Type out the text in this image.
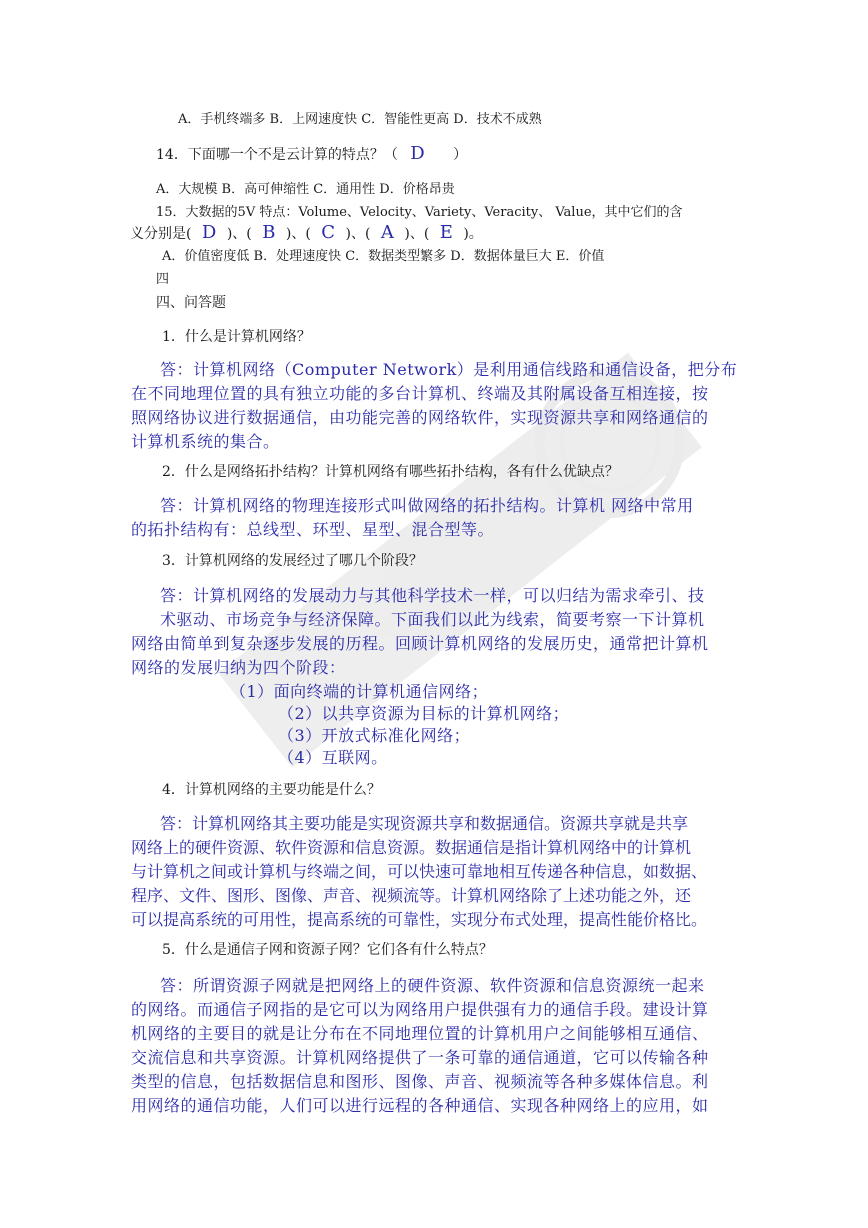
A．手机终端多 B．上网速度快 C．智能性更高 D．技术不成熟
14．下面哪一个不是云计算的特点？（ D ）
A．大规模 B．高可伸缩性 C．通用性 D．价格昂贵
15．大数据的5V 特点：Volume、Velocity、Variety、Veracity、 Value，其中它们的含
义分别是( D )、( B )、( C )、( A )、( E )。
A．价值密度低 B．处理速度快 C．数据类型繁多 D．数据体量巨大 E．价值
四
四、问答题
1．什么是计算机网络？
答：计算机网络（Computer Network）是利用通信线路和通信设备，把分布
在不同地理位置的具有独立功能的多台计算机、终端及其附属设备互相连接，按
照网络协议进行数据通信，由功能完善的网络软件，实现资源共享和网络通信的
计算机系统的集合。
2．什么是网络拓扑结构？计算机网络有哪些拓扑结构，各有什么优缺点？
答：计算机网络的物理连接形式叫做网络的拓扑结构。计算机 网络中常用
的拓扑结构有：总线型、环型、星型、混合型等。
3．计算机网络的发展经过了哪几个阶段？
答：计算机网络的发展动力与其他科学技术一样，可以归结为需求牵引、技
术驱动、市场竞争与经济保障。下面我们以此为线索，简要考察一下计算机
网络由简单到复杂逐步发展的历程。回顾计算机网络的发展历史，通常把计算机
网络的发展归纳为四个阶段：
（1）面向终端的计算机通信网络；
（2）以共享资源为目标的计算机网络；
（3）开放式标准化网络；
（4）互联网。
4．计算机网络的主要功能是什么？
答：计算机网络其主要功能是实现资源共享和数据通信。资源共享就是共享
网络上的硬件资源、软件资源和信息资源。数据通信是指计算机网络中的计算机
与计算机之间或计算机与终端之间，可以快速可靠地相互传递各种信息，如数据、
程序、文件、图形、图像、声音、视频流等。计算机网络除了上述功能之外，还
可以提高系统的可用性，提高系统的可靠性，实现分布式处理，提高性能价格比。
5．什么是通信子网和资源子网？它们各有什么特点？
答：所谓资源子网就是把网络上的硬件资源、软件资源和信息资源统一起来
的网络。而通信子网指的是它可以为网络用户提供强有力的通信手段。建设计算
机网络的主要目的就是让分布在不同地理位置的计算机用户之间能够相互通信、
交流信息和共享资源。计算机网络提供了一条可靠的通信通道，它可以传输各种
类型的信息，包括数据信息和图形、图像、声音、视频流等各种多媒体信息。利
用网络的通信功能，人们可以进行远程的各种通信、实现各种网络上的应用，如
